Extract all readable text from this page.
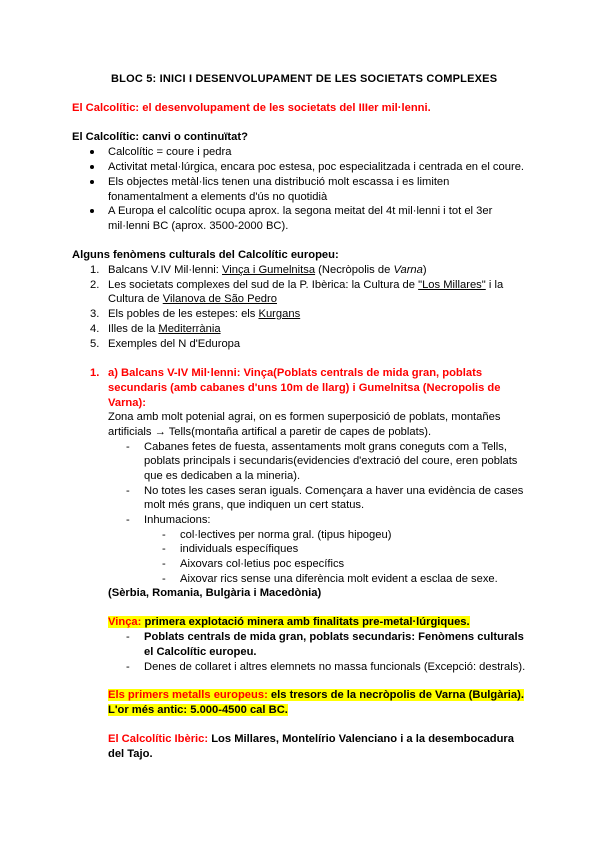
BLOC 5: INICI I DESENVOLUPAMENT DE LES SOCIETATS COMPLEXES
El Calcolític: el desenvolupament de les societats del IIIer mil·lenni.
El Calcolític: canvi o continuïtat?
Calcolític = coure i pedra
Activitat metal·lúrgica, encara poc estesa, poc especialitzada i centrada en el coure.
Els objectes metàl·lics tenen una distribució molt escassa i es limiten
fonamentalment a elements d'ús no quotidià
A Europa el calcolític ocupa aprox. la segona meitat del 4t mil·lenni i tot el 3er
mil·lenni BC (aprox. 3500-2000 BC).
Alguns fenòmens culturals del Calcolític europeu:
1. Balcans V.IV Mil·lenni: Vinça i Gumelnitsa (Necròpolis de Varna)
2. Les societats complexes del sud de la P. Ibèrica: la Cultura de "Los Millares" i la
Cultura de Vilanova de São Pedro
3. Els pobles de les estepes: els Kurgans
4. Illes de la Mediterrània
5. Exemples del N d'Eduropa
1. a) Balcans V-IV Mil·lenni: Vinça(Poblats centrals de mida gran, poblats
secundaris (amb cabanes d'uns 10m de llarg) i Gumelnitsa (Necropolis de
Varna):
Zona amb molt potenial agrai, on es formen superposició de poblats, montañes
artificials → Tells(montaña artifical a paretir de capes de poblats).
- Cabanes fetes de fuesta, assentaments molt grans coneguts com a Tells,
poblats principals i secundaris(evidencies d'extració del coure, eren poblats
que es dedicaben a la mineria).
- No totes les cases seran iguals. Començara a haver una evidència de cases
molt més grans, que indiquen un cert status.
- Inhumacions:
- col·lectives per norma gral. (tipus hipogeu)
- individuals específiques
- Aixovars col·letius poc específics
- Aixovar rics sense una diferència molt evident a esclaa de sexe.
(Sèrbia, Romania, Bulgària i Macedònia)
Vinça: primera explotació minera amb finalitats pre-metal·lúrgiques.
- Poblats centrals de mida gran, poblats secundaris: Fenòmens culturals
el Calcolític europeu.
- Denes de collaret i altres elemnets no massa funcionals (Excepció: destrals).
Els primers metalls europeus: els tresors de la necròpolis de Varna (Bulgària).
L'or més antic: 5.000-4500 cal BC.
El Calcolític Ibèric: Los Millares, Montelírio Valenciano i a la desembocadura
del Tajo.
